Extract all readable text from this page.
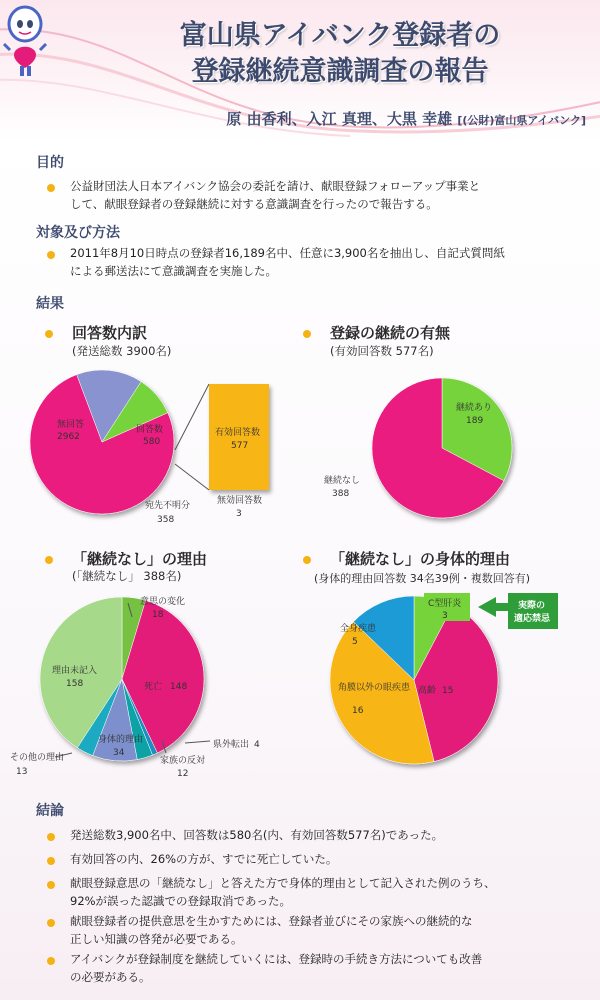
富山県アイバンク登録者の
登録継続意識調査の報告
原 由香利、入江 真理、大黒 幸雄 [(公財)富山県アイバンク]
目的
公益財団法人日本アイバンク協会の委託を請け、献眼登録フォローアップ事業と
して、献眼登録者の登録継続に対する意識調査を行ったので報告する。
対象及び方法
2011年8月10日時点の登録者16,189名中、任意に3,900名を抽出し、自記式質問紙
による郵送法にて意識調査を実施した。
結果
回答数内訳
(発送総数 3900名)
登録の継続の有無
(有効回答数 577名)
「継続なし」の理由
(「継続なし」 388名)
「継続なし」の身体的理由
(身体的理由回答数 34名39例・複数回答有)
有効回答数
577
無効回答数
3
無回答
2962
回答数
580
宛先不明分
358
継続あり
189
継続なし
388
意思の変化
18
死亡 148
県外転出 4
家族の反対
12
身体的理由
34
その他の理由
13
理由未記入
158
C型肝炎
3
実際の
適応禁忌
高齢 15
角膜以外の眼疾患
16
全身疾患
5
結論
発送総数3,900名中、回答数は580名(内、有効回答数577名)であった。
有効回答の内、26%の方が、すでに死亡していた。
献眼登録意思の「継続なし」と答えた方で身体的理由として記入された例のうち、
92%が誤った認識での登録取消であった。
献眼登録者の提供意思を生かすためには、登録者並びにその家族への継続的な
正しい知識の啓発が必要である。
アイバンクが登録制度を継続していくには、登録時の手続き方法についても改善
の必要がある。
